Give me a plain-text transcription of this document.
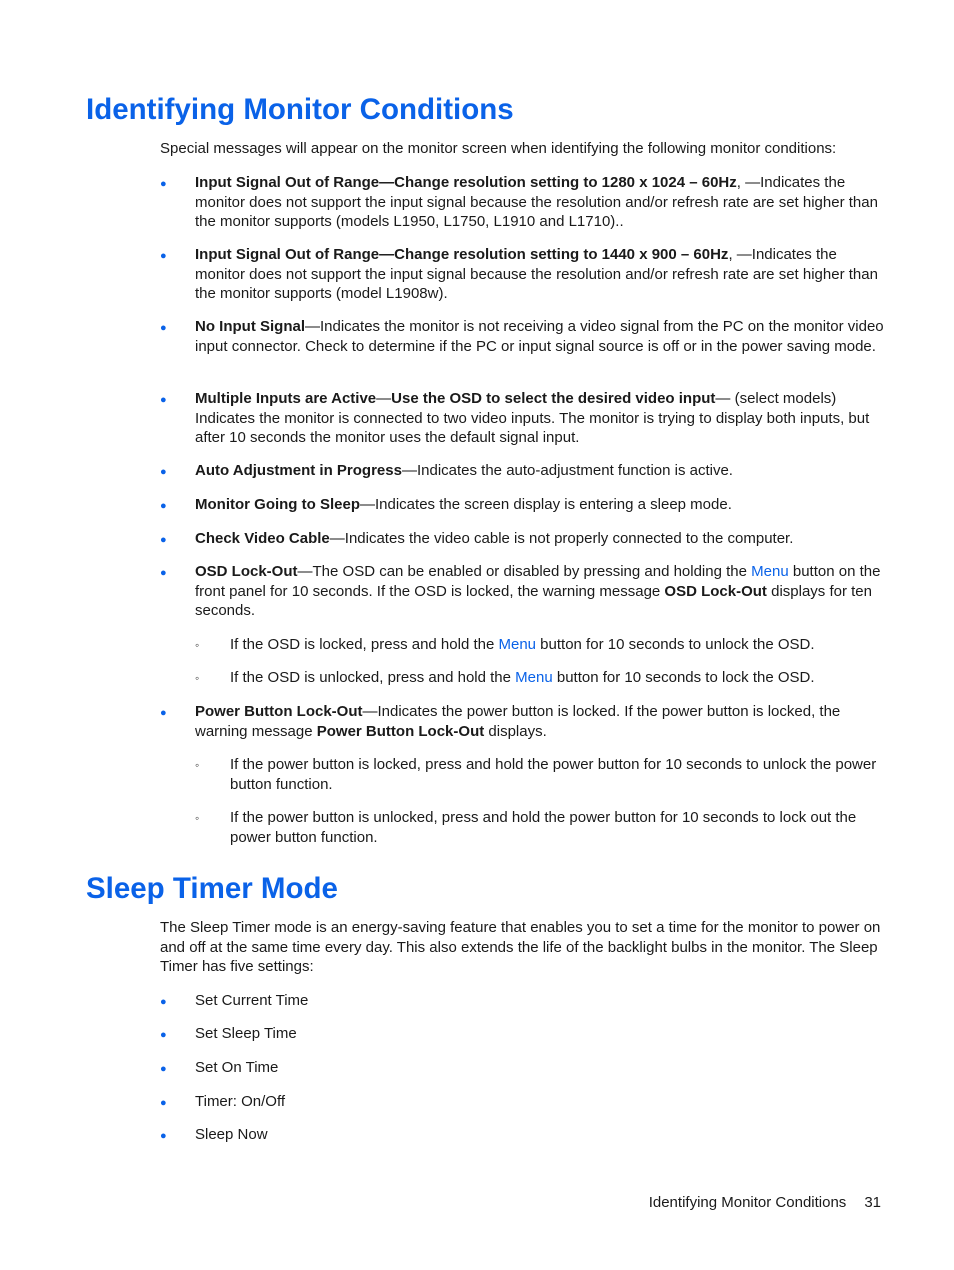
Identifying Monitor Conditions

Special messages will appear on the monitor screen when identifying the following monitor conditions:

● Input Signal Out of Range—Change resolution setting to 1280 x 1024 – 60Hz, —Indicates the monitor does not support the input signal because the resolution and/or refresh rate are set higher than the monitor supports (models L1950, L1750, L1910 and L1710)..
● Input Signal Out of Range—Change resolution setting to 1440 x 900 – 60Hz, —Indicates the monitor does not support the input signal because the resolution and/or refresh rate are set higher than the monitor supports (model L1908w).
● No Input Signal—Indicates the monitor is not receiving a video signal from the PC on the monitor video input connector. Check to determine if the PC or input signal source is off or in the power saving mode.
● Multiple Inputs are Active—Use the OSD to select the desired video input— (select models) Indicates the monitor is connected to two video inputs. The monitor is trying to display both inputs, but after 10 seconds the monitor uses the default signal input.
● Auto Adjustment in Progress—Indicates the auto-adjustment function is active.
● Monitor Going to Sleep—Indicates the screen display is entering a sleep mode.
● Check Video Cable—Indicates the video cable is not properly connected to the computer.
● OSD Lock-Out—The OSD can be enabled or disabled by pressing and holding the Menu button on the front panel for 10 seconds. If the OSD is locked, the warning message OSD Lock-Out displays for ten seconds.
◦ If the OSD is locked, press and hold the Menu button for 10 seconds to unlock the OSD.
◦ If the OSD is unlocked, press and hold the Menu button for 10 seconds to lock the OSD.
● Power Button Lock-Out—Indicates the power button is locked. If the power button is locked, the warning message Power Button Lock-Out displays.
◦ If the power button is locked, press and hold the power button for 10 seconds to unlock the power button function.
◦ If the power button is unlocked, press and hold the power button for 10 seconds to lock out the power button function.
Sleep Timer Mode

The Sleep Timer mode is an energy-saving feature that enables you to set a time for the monitor to power on and off at the same time every day. This also extends the life of the backlight bulbs in the monitor. The Sleep Timer has five settings:

● Set Current Time
● Set Sleep Time
● Set On Time
● Timer: On/Off
● Sleep Now
Identifying Monitor Conditions 31
